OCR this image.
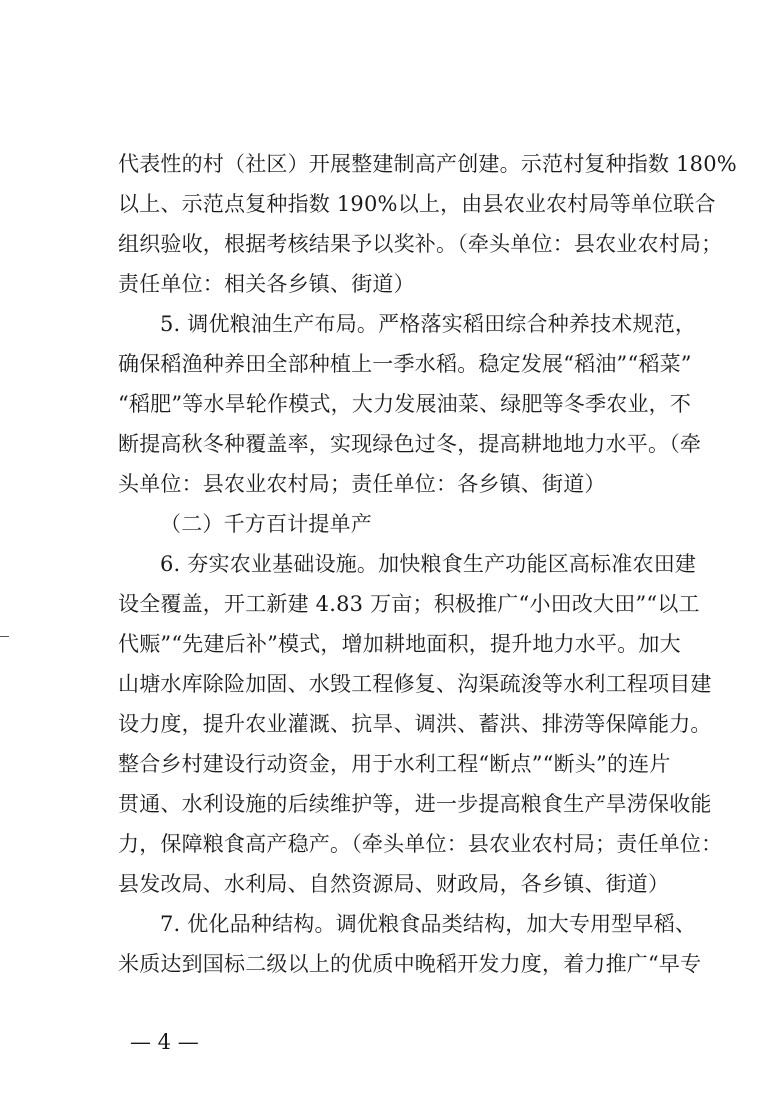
代表性的村（社区）开展整建制高产创建。示范村复种指数 180%
以上、示范点复种指数 190%以上，由县农业农村局等单位联合
组织验收，根据考核结果予以奖补。（牵头单位：县农业农村局；
责任单位：相关各乡镇、街道）
5. 调优粮油生产布局。严格落实稻田综合种养技术规范，
确保稻渔种养田全部种植上一季水稻。稳定发展“稻油”“稻菜”
“稻肥”等水旱轮作模式，大力发展油菜、绿肥等冬季农业，不
断提高秋冬种覆盖率，实现绿色过冬，提高耕地地力水平。（牵
头单位：县农业农村局；责任单位：各乡镇、街道）
（二）千方百计提单产
6. 夯实农业基础设施。加快粮食生产功能区高标准农田建
设全覆盖，开工新建 4.83 万亩；积极推广“小田改大田”“以工
代赈”“先建后补”模式，增加耕地面积，提升地力水平。加大
山塘水库除险加固、水毁工程修复、沟渠疏浚等水利工程项目建
设力度，提升农业灌溉、抗旱、调洪、蓄洪、排涝等保障能力。
整合乡村建设行动资金，用于水利工程“断点”“断头”的连片
贯通、水利设施的后续维护等，进一步提高粮食生产旱涝保收能
力，保障粮食高产稳产。（牵头单位：县农业农村局；责任单位：
县发改局、水利局、自然资源局、财政局，各乡镇、街道）
7. 优化品种结构。调优粮食品类结构，加大专用型早稻、
米质达到国标二级以上的优质中晚稻开发力度，着力推广“早专
— 4 —
